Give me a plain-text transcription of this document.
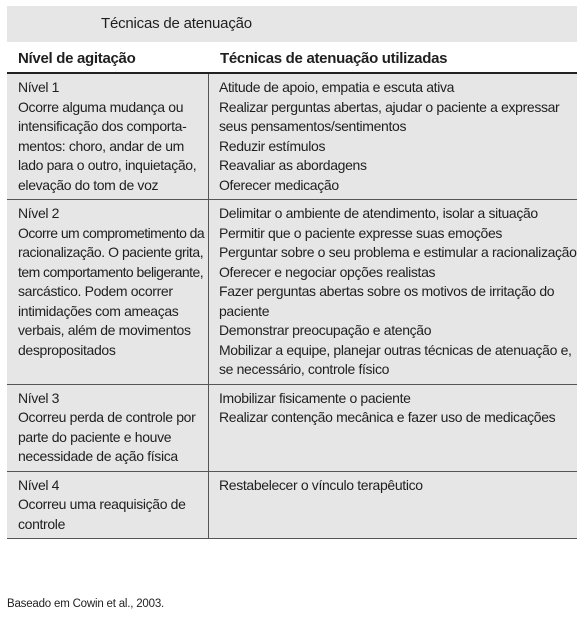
Técnicas de atenuação
Nível de agitação	Técnicas de atenuação utilizadas
Nível 1
Ocorre alguma mudança ou
intensificação dos comporta-
mentos: choro, andar de um
lado para o outro, inquietação,
elevação do tom de voz
Atitude de apoio, empatia e escuta ativa
Realizar perguntas abertas, ajudar o paciente a expressar
seus pensamentos/sentimentos
Reduzir estímulos
Reavaliar as abordagens
Oferecer medicação
Nível 2
Ocorre um comprometimento da
racionalização. O paciente grita,
tem comportamento beligerante,
sarcástico. Podem ocorrer
intimidações com ameaças
verbais, além de movimentos
despropositados
Delimitar o ambiente de atendimento, isolar a situação
Permitir que o paciente expresse suas emoções
Perguntar sobre o seu problema e estimular a racionalização
Oferecer e negociar opções realistas
Fazer perguntas abertas sobre os motivos de irritação do
paciente
Demonstrar preocupação e atenção
Mobilizar a equipe, planejar outras técnicas de atenuação e,
se necessário, controle físico
Nível 3
Ocorreu perda de controle por
parte do paciente e houve
necessidade de ação física
Imobilizar fisicamente o paciente
Realizar contenção mecânica e fazer uso de medicações
Nível 4
Ocorreu uma reaquisição de
controle
Restabelecer o vínculo terapêutico
Baseado em Cowin et al., 2003.
